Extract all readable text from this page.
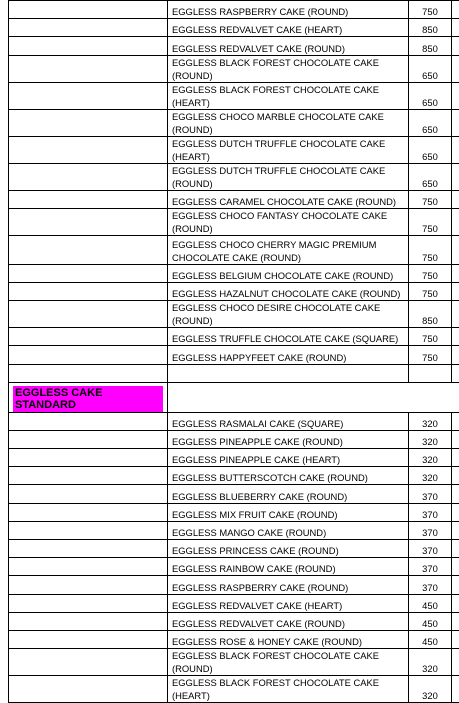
	EGGLESS RASPBERRY CAKE (ROUND)	750	
	EGGLESS REDVALVET CAKE (HEART)	850	
	EGGLESS REDVALVET CAKE (ROUND)	850	
	EGGLESS BLACK FOREST CHOCOLATE CAKE (ROUND)	650	
	EGGLESS BLACK FOREST CHOCOLATE CAKE (HEART)	650	
	EGGLESS CHOCO MARBLE CHOCOLATE CAKE (ROUND)	650	
	EGGLESS DUTCH TRUFFLE CHOCOLATE CAKE (HEART)	650	
	EGGLESS DUTCH TRUFFLE CHOCOLATE CAKE (ROUND)	650	
	EGGLESS CARAMEL CHOCOLATE CAKE (ROUND)	750	
	EGGLESS CHOCO FANTASY CHOCOLATE CAKE (ROUND)	750	
	EGGLESS CHOCO CHERRY MAGIC PREMIUM CHOCOLATE CAKE (ROUND)	750	
	EGGLESS BELGIUM CHOCOLATE CAKE (ROUND)	750	
	EGGLESS HAZALNUT CHOCOLATE CAKE (ROUND)	750	
	EGGLESS CHOCO DESIRE CHOCOLATE CAKE (ROUND)	850	
	EGGLESS TRUFFLE CHOCOLATE CAKE (SQUARE)	750	
	EGGLESS HAPPYFEET CAKE (ROUND)	750	

EGGLESS CAKE STANDARD			

	EGGLESS RASMALAI CAKE (SQUARE)	320	
	EGGLESS PINEAPPLE CAKE (ROUND)	320	
	EGGLESS PINEAPPLE CAKE (HEART)	320	
	EGGLESS BUTTERSCOTCH CAKE (ROUND)	320	
	EGGLESS BLUEBERRY CAKE (ROUND)	370	
	EGGLESS MIX FRUIT CAKE (ROUND)	370	
	EGGLESS MANGO CAKE (ROUND)	370	
	EGGLESS PRINCESS CAKE (ROUND)	370	
	EGGLESS RAINBOW CAKE (ROUND)	370	
	EGGLESS RASPBERRY CAKE (ROUND)	370	
	EGGLESS REDVALVET CAKE (HEART)	450	
	EGGLESS REDVALVET CAKE (ROUND)	450	
	EGGLESS ROSE & HONEY CAKE (ROUND)	450	
	EGGLESS BLACK FOREST CHOCOLATE CAKE (ROUND)	320	
	EGGLESS BLACK FOREST CHOCOLATE CAKE (HEART)	320	
